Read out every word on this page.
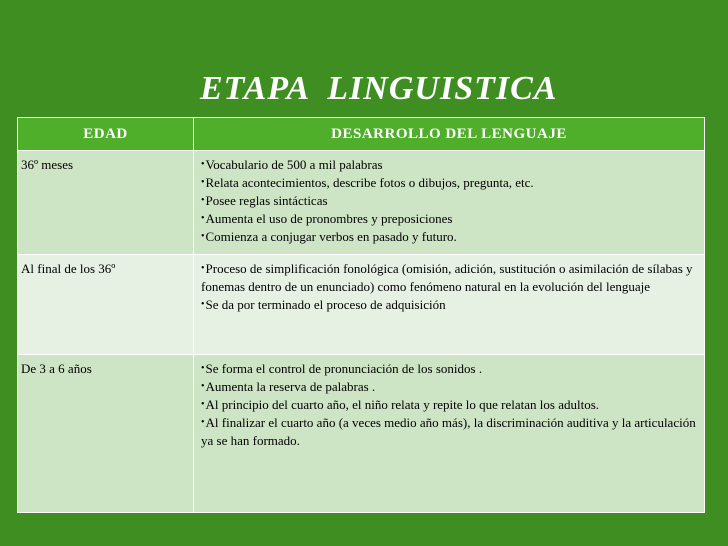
ETAPA  LINGUISTICA
EDAD	DESARROLLO DEL LENGUAJE
36º meses	•Vocabulario de 500 a mil palabras
•Relata acontecimientos, describe fotos o dibujos, pregunta, etc.
•Posee reglas sintácticas
•Aumenta el uso de pronombres y preposiciones
•Comienza a conjugar verbos en pasado y futuro.

Al final de los 36º	•Proceso de simplificación fonológica (omisión, adición, sustitución o asimilación de sílabas y fonemas dentro de un enunciado) como fenómeno natural en la evolución del lenguaje
•Se da por terminado el proceso de adquisición

De 3 a 6 años	•Se forma el control de pronunciación de los sonidos .
•Aumenta la reserva de palabras .
•Al principio del cuarto año, el niño relata y repite lo que relatan los adultos.
•Al finalizar el cuarto año (a veces medio año más), la discriminación auditiva y la articulación ya se han formado.
